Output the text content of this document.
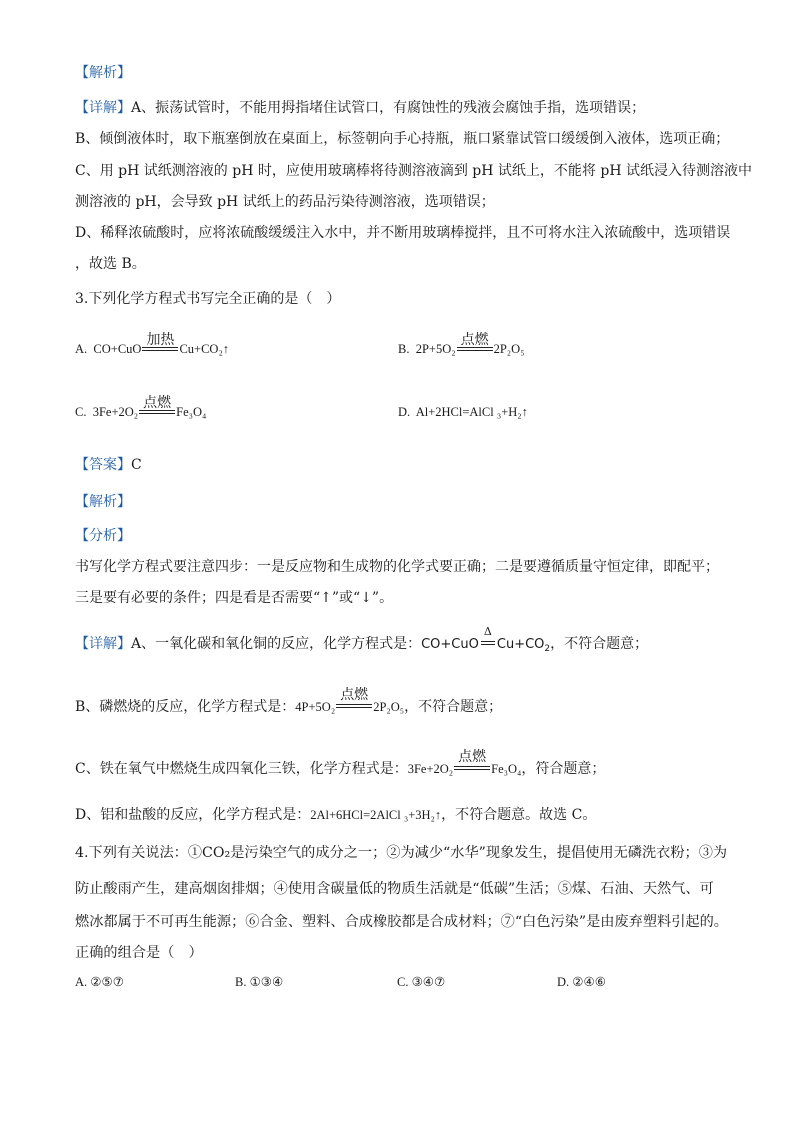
【解析】
【详解】A、振荡试管时，不能用拇指堵住试管口，有腐蚀性的残液会腐蚀手指，选项错误；
B、倾倒液体时，取下瓶塞倒放在桌面上，标签朝向手心持瓶，瓶口紧靠试管口缓缓倒入液体，选项正确；
C、用 pH 试纸测溶液的 pH 时，应使用玻璃棒将待测溶液滴到 pH 试纸上，不能将 pH 试纸浸入待测溶液中
测溶液的 pH，会导致 pH 试纸上的药品污染待测溶液，选项错误；
D、稀释浓硫酸时，应将浓硫酸缓缓注入水中，并不断用玻璃棒搅拌，且不可将水注入浓硫酸中，选项错误
，故选 B。
3.下列化学方程式书写完全正确的是（　）
A. CO+CuO
加热
Cu+CO₂↑	B. 2P+5O₂
点燃
2P₂O₅
C. 3Fe+2O₂
点燃
Fe₃O₄	D. Al+2HCl=AlCl ₃+H₂↑
【答案】C
【解析】
【分析】
书写化学方程式要注意四步：一是反应物和生成物的化学式要正确；二是要遵循质量守恒定律，即配平；
三是要有必要的条件；四是看是否需要“↑”或“↓”。
【详解】A、一氧化碳和氧化铜的反应，化学方程式是：CO+CuO
Δ
$Cu+CO_2$，不符合题意；
B、磷燃烧的反应，化学方程式是：4P+5O₂
点燃
2P₂O₅，不符合题意；
C、铁在氧气中燃烧生成四氧化三铁，化学方程式是：3Fe+2O₂
点燃
Fe₃O₄，符合题意；
D、铝和盐酸的反应，化学方程式是：2Al+6HCl=2AlCl ₃+3H₂↑，不符合题意。故选 C。
4.下列有关说法：①CO₂是污染空气的成分之一；②为减少“水华”现象发生，提倡使用无磷洗衣粉；③为
防止酸雨产生，建高烟囱排烟；④使用含碳量低的物质生活就是“低碳”生活；⑤煤、石油、天然气、可
燃冰都属于不可再生能源；⑥合金、塑料、合成橡胶都是合成材料；⑦“白色污染”是由废弃塑料引起的。
正确的组合是（　）
A. ②⑤⑦	B. ①③④	C. ③④⑦	D. ②④⑥
